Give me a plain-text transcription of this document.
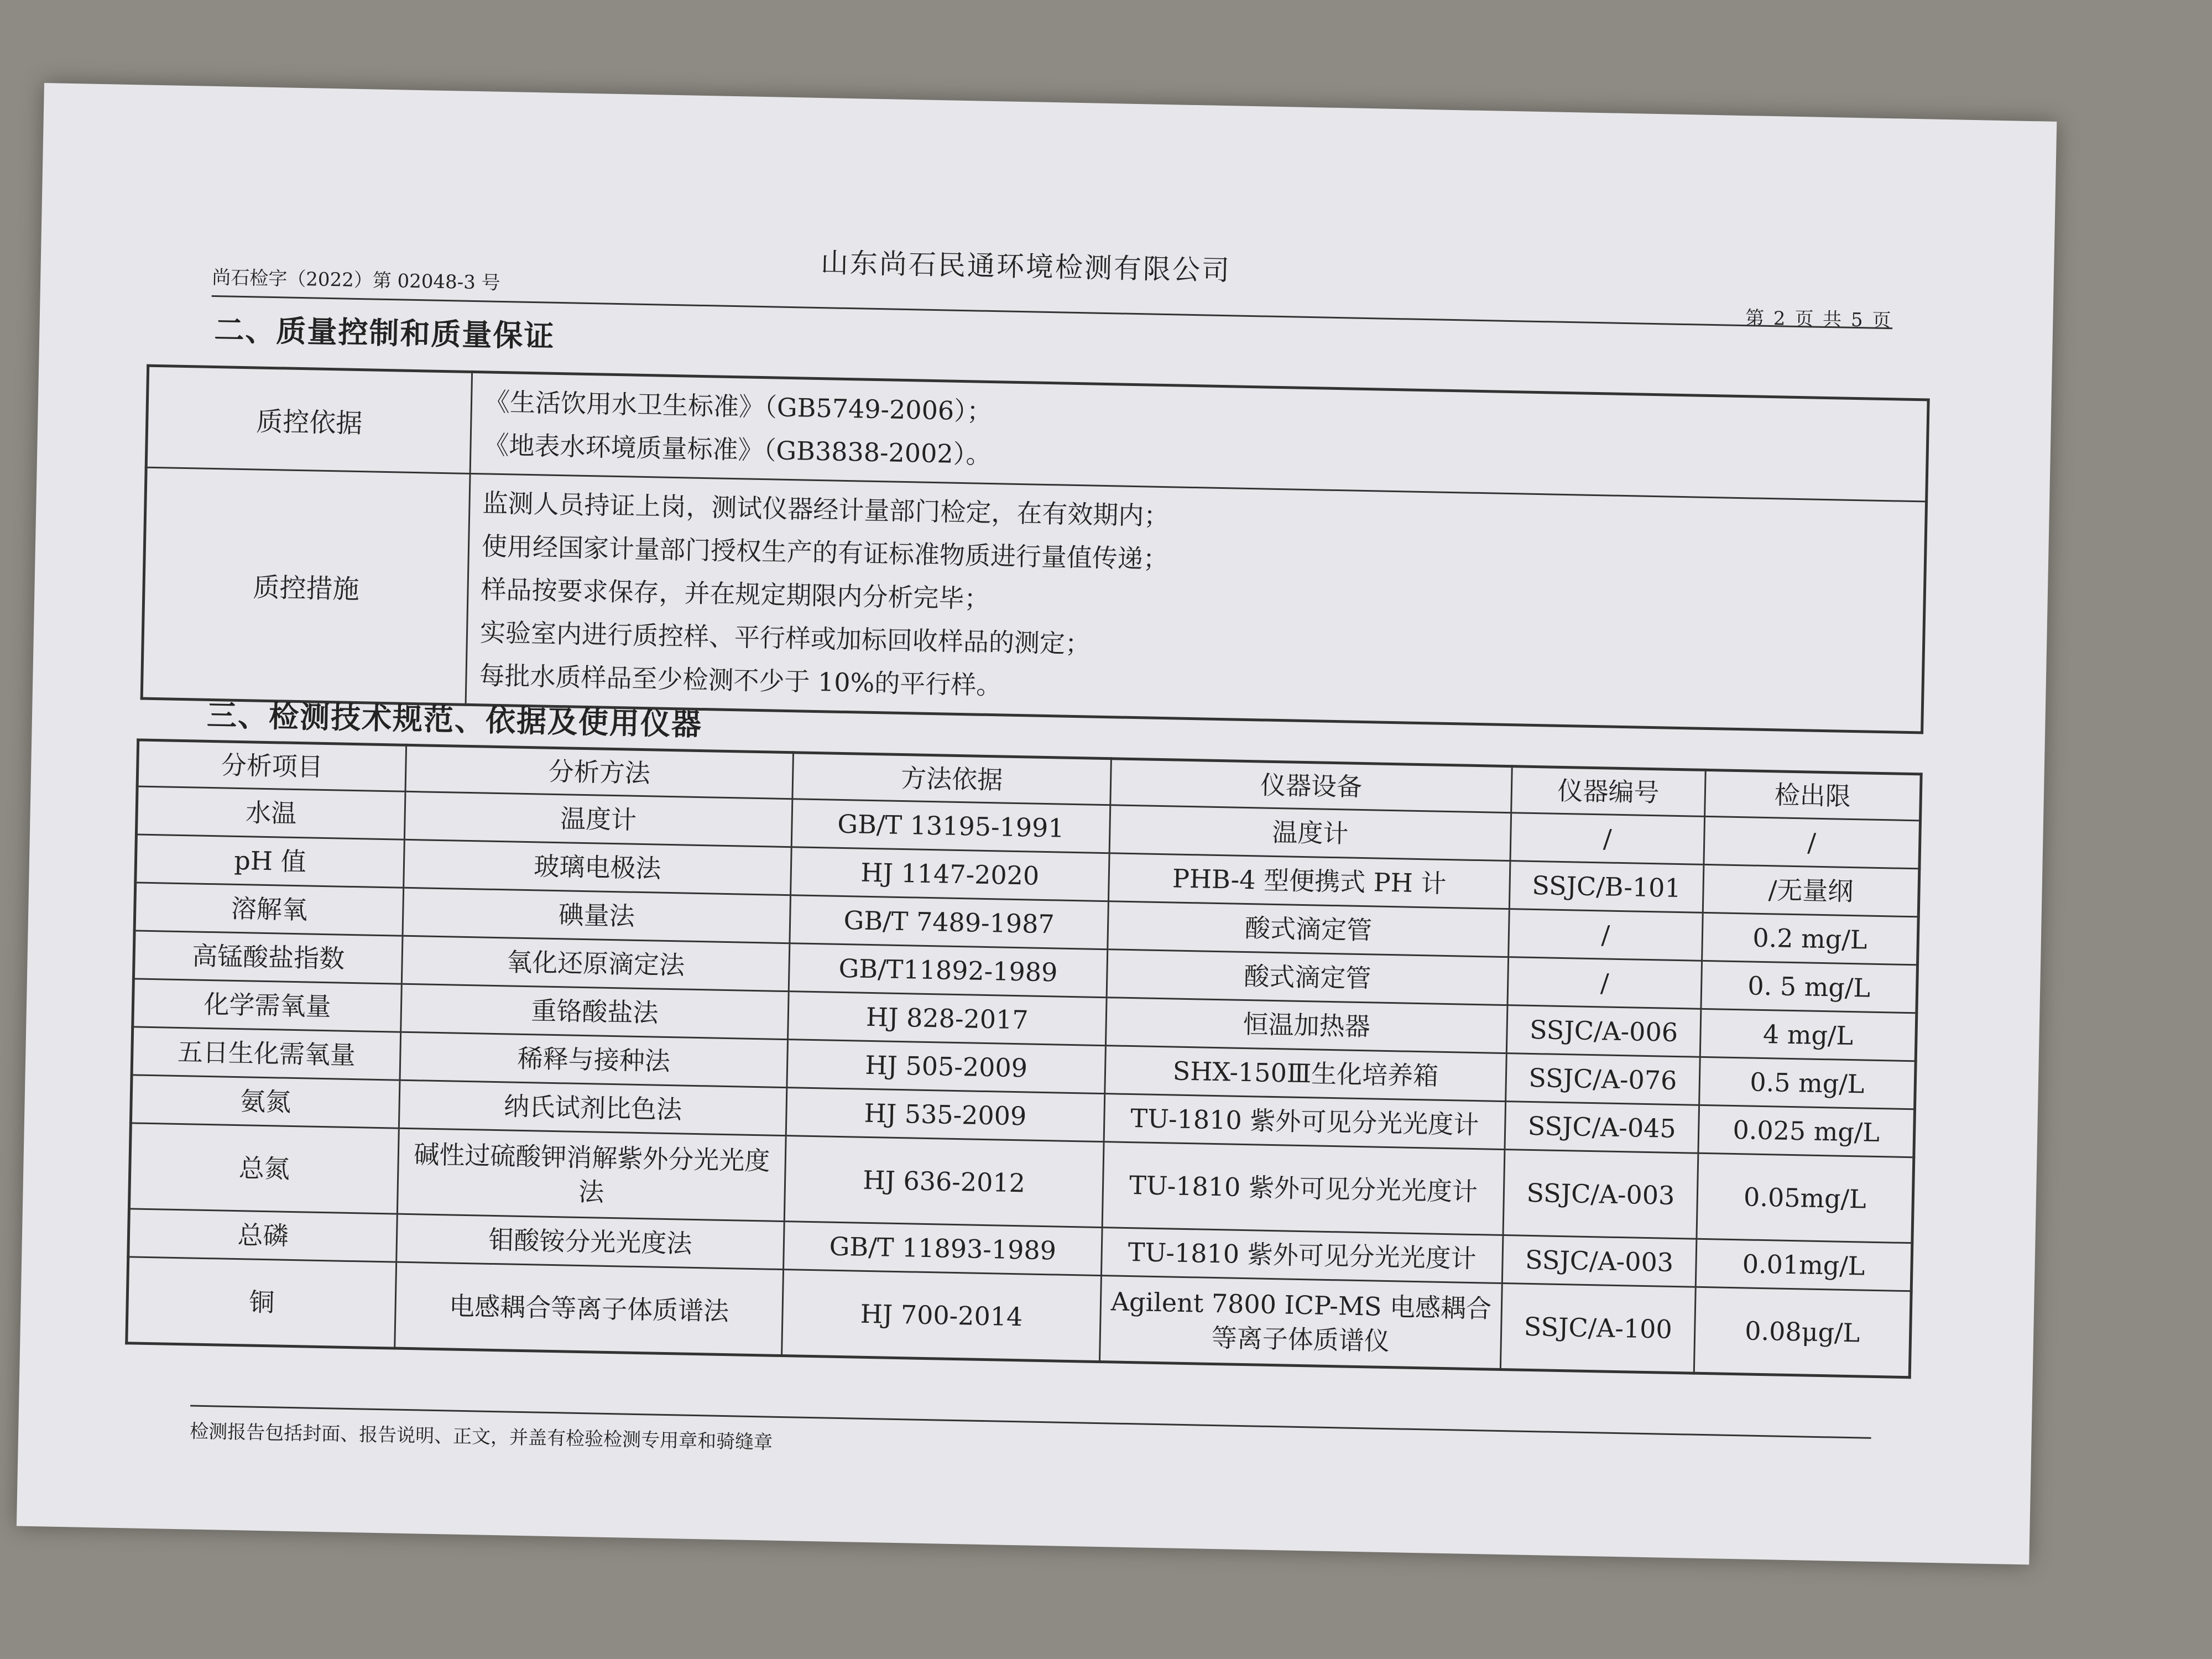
山东尚石民通环境检测有限公司
尚石检字（2022）第 02048-3 号
第 2 页 共 5 页
二、质量控制和质量保证
质控依据	《生活饮用水卫生标准》（GB5749-2006）；
《地表水环境质量标准》（GB3838-2002）。

质控措施	监测人员持证上岗，测试仪器经计量部门检定，在有效期内；
使用经国家计量部门授权生产的有证标准物质进行量值传递；
样品按要求保存，并在规定期限内分析完毕；
实验室内进行质控样、平行样或加标回收样品的测定；
每批水质样品至少检测不少于 10%的平行样。
三、检测技术规范、依据及使用仪器
分析项目	分析方法	方法依据	仪器设备	仪器编号	检出限
水温	温度计	GB/T 13195-1991	温度计	/	/
pH 值	玻璃电极法	HJ 1147-2020	PHB-4 型便携式 PH 计	SSJC/B-101	/无量纲
溶解氧	碘量法	GB/T 7489-1987	酸式滴定管	/	0.2 mg/L
高锰酸盐指数	氧化还原滴定法	GB/T11892-1989	酸式滴定管	/	0. 5 mg/L
化学需氧量	重铬酸盐法	HJ 828-2017	恒温加热器	SSJC/A-006	4 mg/L
五日生化需氧量	稀释与接种法	HJ 505-2009	SHX-150Ⅲ生化培养箱	SSJC/A-076	0.5 mg/L
氨氮	纳氏试剂比色法	HJ 535-2009	TU-1810 紫外可见分光光度计	SSJC/A-045	0.025 mg/L
总氮	碱性过硫酸钾消解紫外分光光度法	HJ 636-2012	TU-1810 紫外可见分光光度计	SSJC/A-003	0.05mg/L
总磷	钼酸铵分光光度法	GB/T 11893-1989	TU-1810 紫外可见分光光度计	SSJC/A-003	0.01mg/L
铜	电感耦合等离子体质谱法	HJ 700-2014	Agilent 7800 ICP-MS 电感耦合等离子体质谱仪	SSJC/A-100	0.08μg/L
检测报告包括封面、报告说明、正文，并盖有检验检测专用章和骑缝章
